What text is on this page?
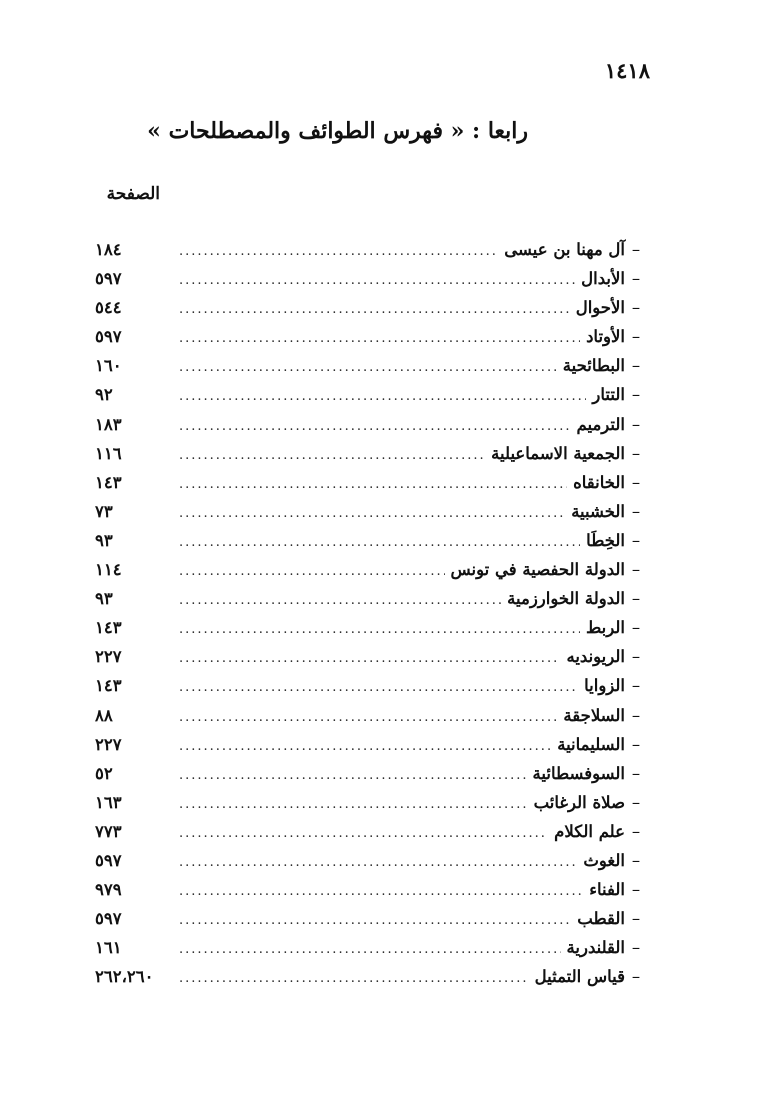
١٤١٨
رابعا : « فهرس الطوائف والمصطلحات »
الصفحة
–
آل مهنا بن عيسى
.....
١٨٤
–
الأبدال
.....
٥٩٧
–
الأحوال
.....
٥٤٤
–
الأوتاد
.....
٥٩٧
–
البطائحية
.....
١٦٠
–
التتار
.....
٩٢
–
الترميم
.....
١٨٣
–
الجمعية الاسماعيلية
.....
١١٦
–
الخانقاه
.....
١٤٣
–
الخشبية
.....
٧٣
–
الخِطَا
.....
٩٣
–
الدولة الحفصية في تونس
.....
١١٤
–
الدولة الخوارزمية
.....
٩٣
–
الربط
.....
١٤٣
–
الريونديه
.....
٢٢٧
–
الزوايا
.....
١٤٣
–
السلاجقة
.....
٨٨
–
السليمانية
.....
٢٢٧
–
السوفسطائية
.....
٥٢
–
صلاة الرغائب
.....
١٦٣
–
علم الكلام
.....
٧٧٣
–
الغوث
.....
٥٩٧
–
الفناء
.....
٩٧٩
–
القطب
.....
٥٩٧
–
القلندرية
.....
١٦١
–
قياس التمثيل
.....
٢٦٢،٢٦٠
